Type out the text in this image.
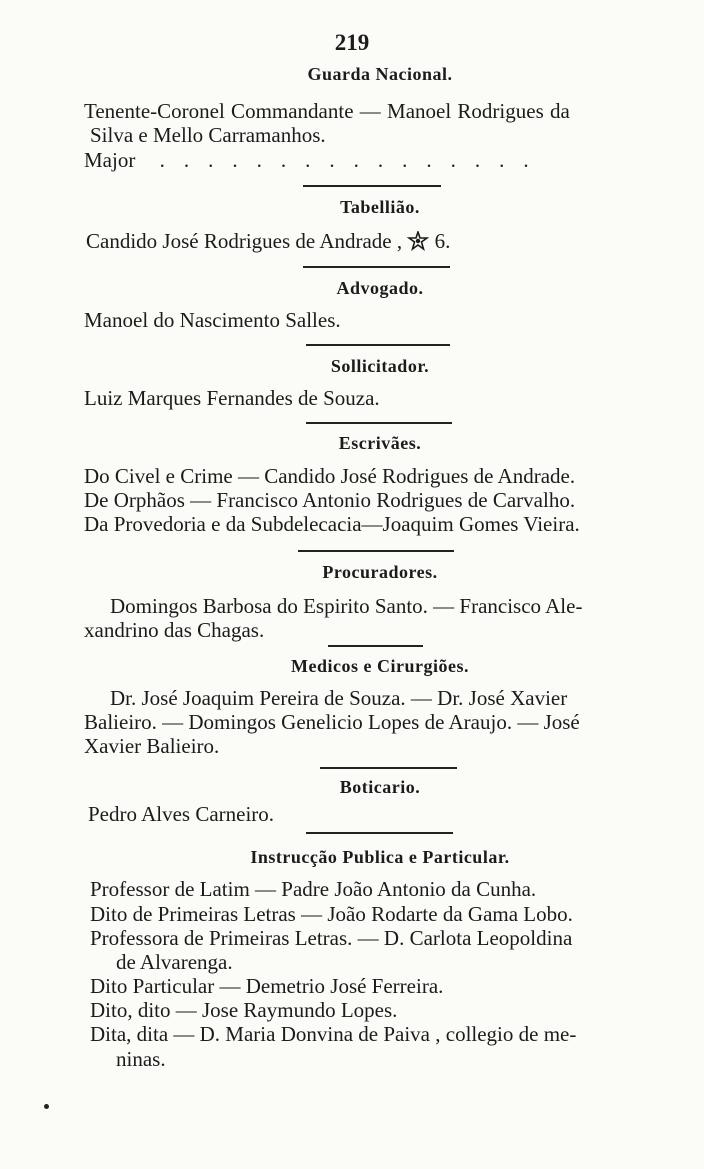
219
Guarda Nacional.
Tenente-Coronel Commandante — Manoel Rodrigues da
Silva e Mello Carramanhos.
Major ................
Tabellião.
Candido José Rodrigues de Andrade , 6.
Advogado.
Manoel do Nascimento Salles.
Sollicitador.
Luiz Marques Fernandes de Souza.
Escrivães.
Do Civel e Crime — Candido José Rodrigues de Andrade.
De Orphãos — Francisco Antonio Rodrigues de Carvalho.
Da Provedoria e da Subdelecacia—Joaquim Gomes Vieira.
Procuradores.
Domingos Barbosa do Espirito Santo. — Francisco Ale-
xandrino das Chagas.
Medicos e Cirurgiões.
Dr. José Joaquim Pereira de Souza. — Dr. José Xavier
Balieiro. — Domingos Genelicio Lopes de Araujo. — José
Xavier Balieiro.
Boticario.
Pedro Alves Carneiro.
Instrucção Publica e Particular.
Professor de Latim — Padre João Antonio da Cunha.
Dito de Primeiras Letras — João Rodarte da Gama Lobo.
Professora de Primeiras Letras. — D. Carlota Leopoldina
de Alvarenga.
Dito Particular — Demetrio José Ferreira.
Dito, dito — Jose Raymundo Lopes.
Dita, dita — D. Maria Donvina de Paiva , collegio de me-
ninas.
